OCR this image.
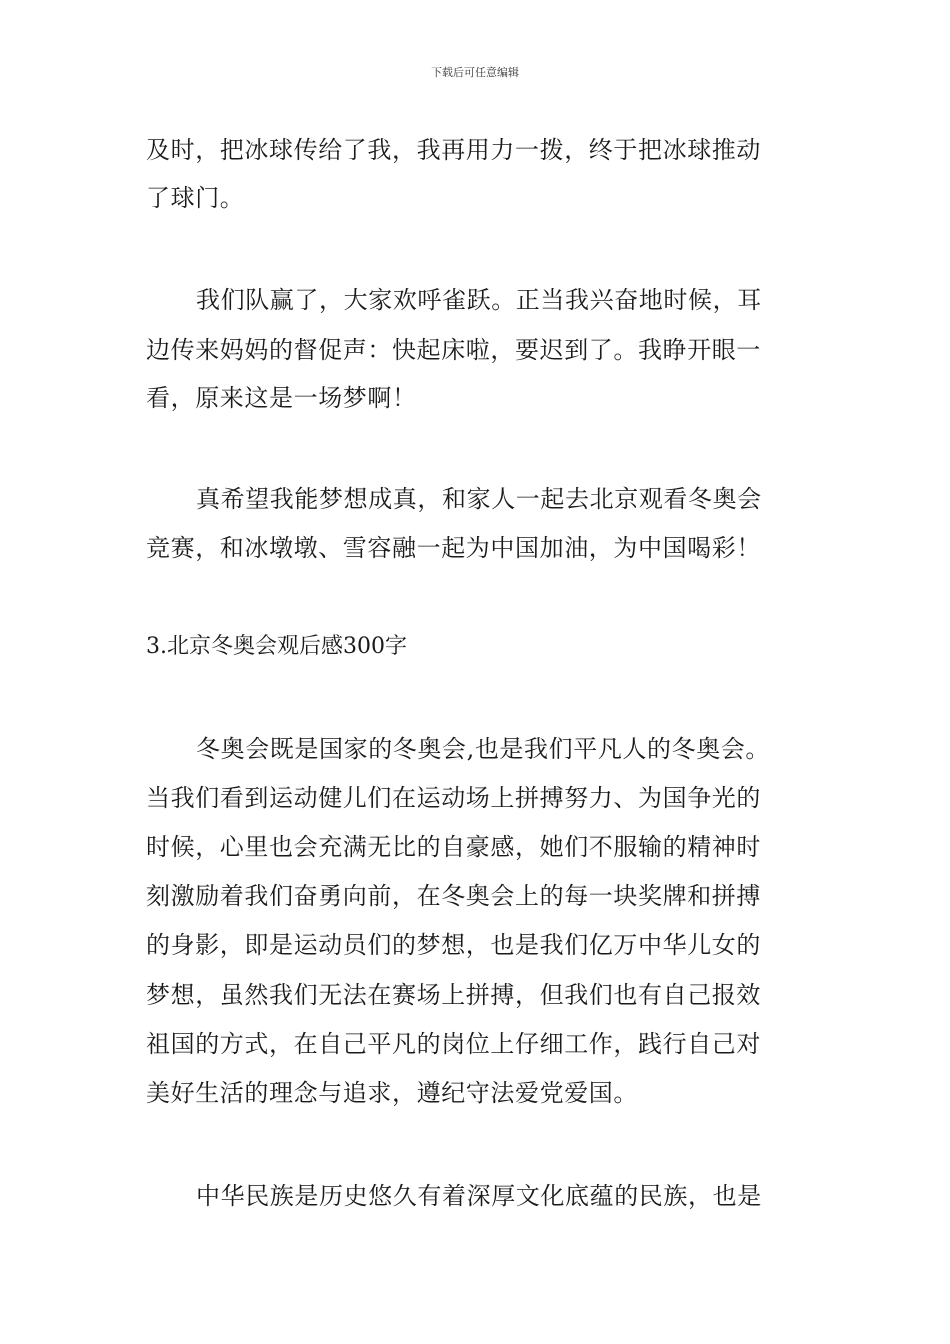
下载后可任意编辑
及时，把冰球传给了我，我再用力一拨，终于把冰球推动
了球门。
我们队赢了，大家欢呼雀跃。正当我兴奋地时候，耳
边传来妈妈的督促声：快起床啦，要迟到了。我睁开眼一
看，原来这是一场梦啊！
真希望我能梦想成真，和家人一起去北京观看冬奥会
竞赛，和冰墩墩、雪容融一起为中国加油，为中国喝彩！
3.北京冬奥会观后感300字
冬奥会既是国家的冬奥会,也是我们平凡人的冬奥会。
当我们看到运动健儿们在运动场上拼搏努力、为国争光的
时候，心里也会充满无比的自豪感，她们不服输的精神时
刻激励着我们奋勇向前，在冬奥会上的每一块奖牌和拼搏
的身影，即是运动员们的梦想，也是我们亿万中华儿女的
梦想，虽然我们无法在赛场上拼搏，但我们也有自己报效
祖国的方式，在自己平凡的岗位上仔细工作，践行自己对
美好生活的理念与追求，遵纪守法爱党爱国。
中华民族是历史悠久有着深厚文化底蕴的民族，也是
